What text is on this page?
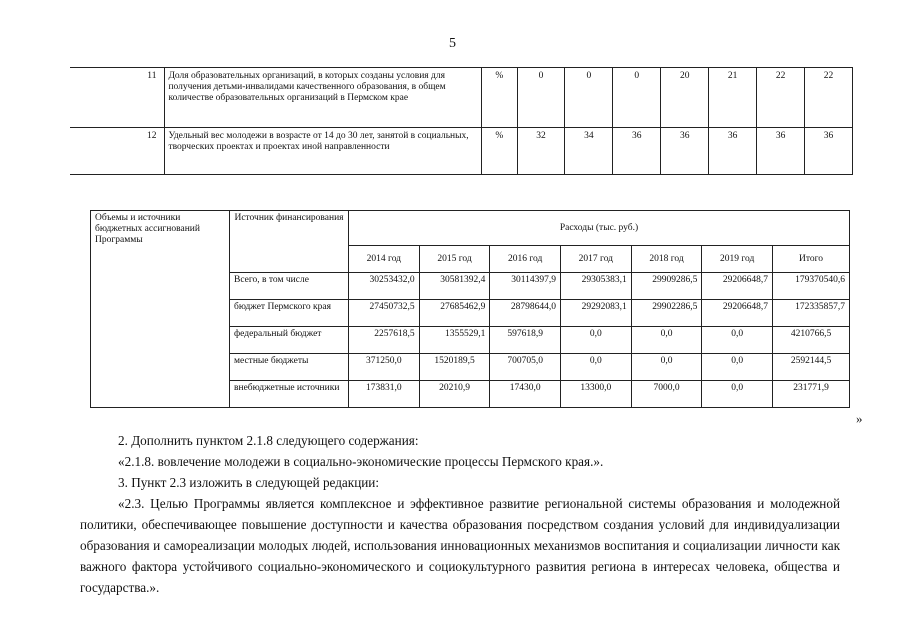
5
11	Доля образовательных организаций, в которых созданы условия для получения детьми-инвалидами качественного образования, в общем количестве образовательных организаций в Пермском крае	%	0	0	0	20	21	22	22
12	Удельный вес молодежи в возрасте от 14 до 30 лет, занятой в социальных, творческих проектах и проектах иной направленности	%	32	34	36	36	36	36	36
Объемы и источники бюджетных ассигнований Программы	Источник финансирования	Расходы (тыс. руб.)						
		2014 год	2015 год	2016 год	2017 год	2018 год	2019 год	Итого
	Всего, в том числе	30253432,0	30581392,4	30114397,9	29305383,1	29909286,5	29206648,7	179370540,6
	бюджет Пермского края	27450732,5	27685462,9	28798644,0	29292083,1	29902286,5	29206648,7	172335857,7
	федеральный бюджет	2257618,5	1355529,1	597618,9	0,0	0,0	0,0	4210766,5
	местные бюджеты	371250,0	1520189,5	700705,0	0,0	0,0	0,0	2592144,5
	внебюджетные источники	173831,0	20210,9	17430,0	13300,0	7000,0	0,0	231771,9
»

2. Дополнить пунктом 2.1.8 следующего содержания:

«2.1.8. вовлечение молодежи в социально-экономические процессы Пермского края.».

3. Пункт 2.3 изложить в следующей редакции:

«2.3. Целью Программы является комплексное и эффективное развитие региональной системы образования и молодежной политики, обеспечивающее повышение доступности и качества образования посредством создания условий для индивидуализации образования и самореализации молодых людей, использования инновационных механизмов воспитания и социализации личности как важного фактора устойчивого социально-экономического и социокультурного развития региона в интересах человека, общества и государства.».
